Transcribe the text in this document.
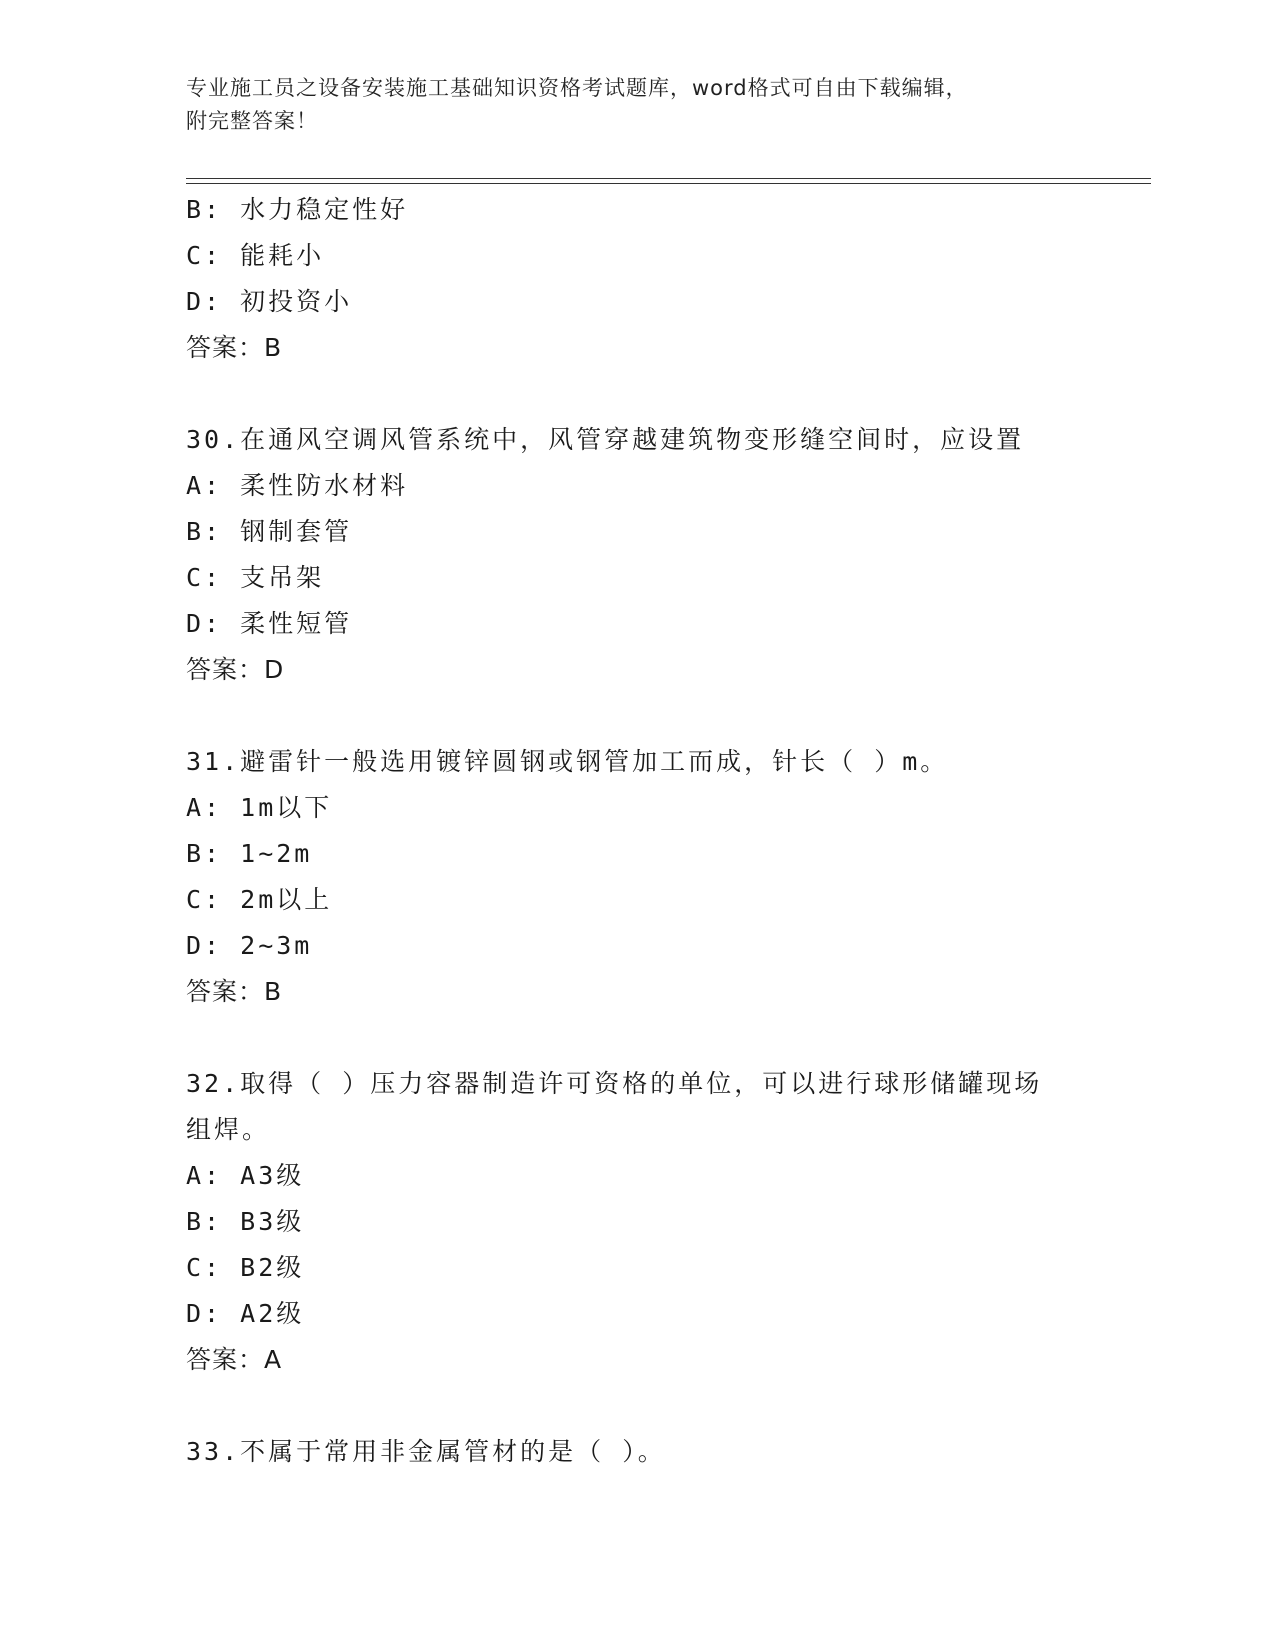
专业施工员之设备安装施工基础知识资格考试题库，word格式可自由下载编辑，
附完整答案！
B: 水力稳定性好
C: 能耗小
D: 初投资小
答案：B
30.在通风空调风管系统中，风管穿越建筑物变形缝空间时，应设置
A: 柔性防水材料
B: 钢制套管
C: 支吊架
D: 柔性短管
答案：D
31.避雷针一般选用镀锌圆钢或钢管加工而成，针长（ ）m。
A: 1m以下
B: 1~2m
C: 2m以上
D: 2~3m
答案：B
32.取得（ ）压力容器制造许可资格的单位，可以进行球形储罐现场
组焊。
A: A3级
B: B3级
C: B2级
D: A2级
答案：A
33.不属于常用非金属管材的是（ ）。
